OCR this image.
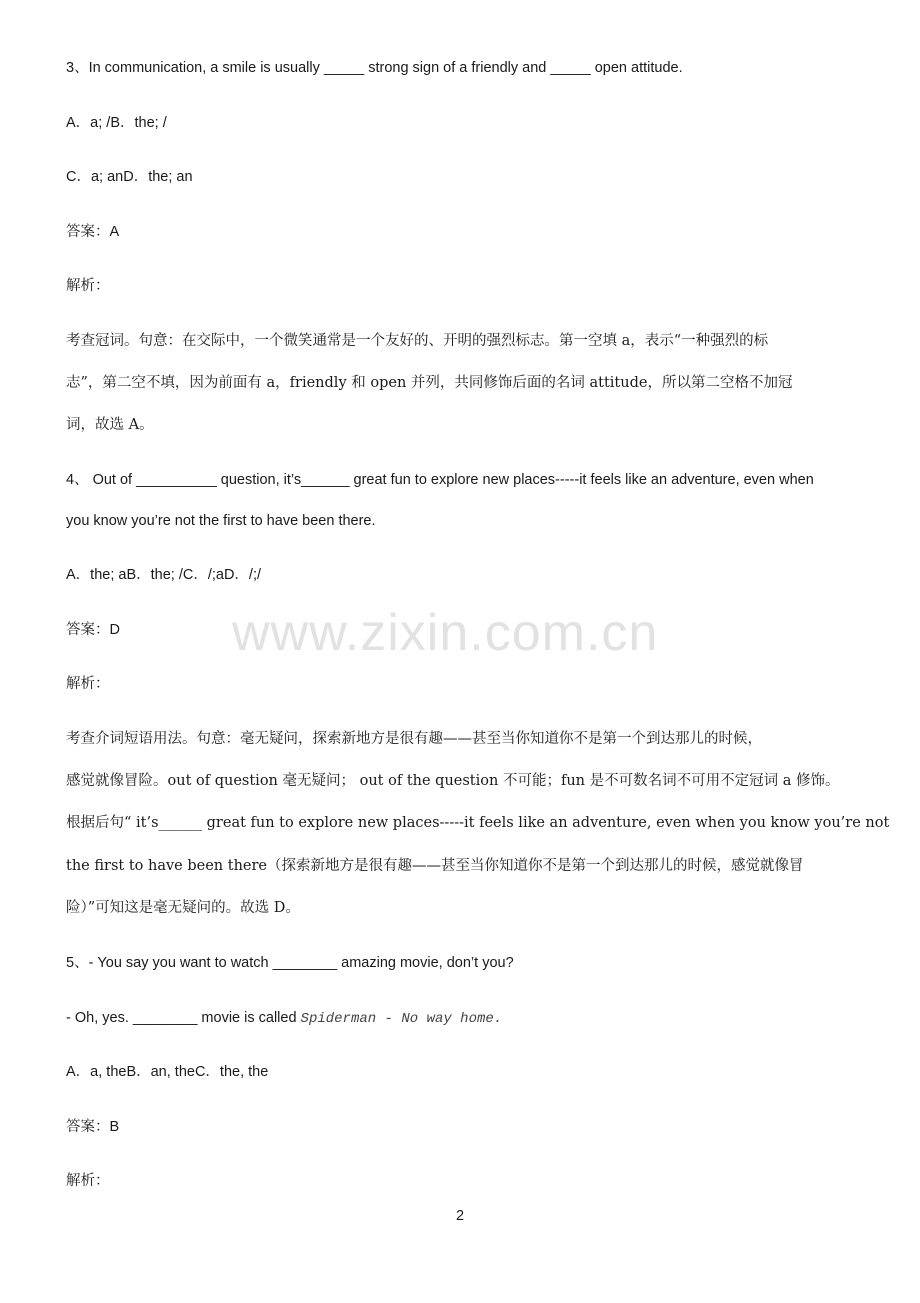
3、In communication, a smile is usually _____ strong sign of a friendly and _____ open attitude.
A．a; /B．the; /
C．a; anD．the; an
答案：A
解析：
考查冠词。句意：在交际中，一个微笑通常是一个友好的、开明的强烈标志。第一空填 a，表示“一种强烈的标
志”，第二空不填，因为前面有 a，friendly 和 open 并列，共同修饰后面的名词 attitude，所以第二空格不加冠
词，故选 A。
4、 Out of __________ question, it’s______ great fun to explore new places-----it feels like an adventure, even when
you know you’re not the first to have been there.
A．the; aB．the; /C．/;aD．/;/
www.zixin.com.cn
答案：D
解析：
考查介词短语用法。句意：毫无疑问，探索新地方是很有趣——甚至当你知道你不是第一个到达那儿的时候，
感觉就像冒险。out of question 毫无疑问； out of the question 不可能；fun 是不可数名词不可用不定冠词 a 修饰。
根据后句“ it’s______ great fun to explore new places-----it feels like an adventure, even when you know you’re not
the first to have been there（探索新地方是很有趣——甚至当你知道你不是第一个到达那儿的时候，感觉就像冒
险）”可知这是毫无疑问的。故选 D。
5、- You say you want to watch ________ amazing movie, don’t you?
- Oh, yes. ________ movie is called Spiderman - No way home.
A．a, theB．an, theC．the, the
答案：B
解析：
2
